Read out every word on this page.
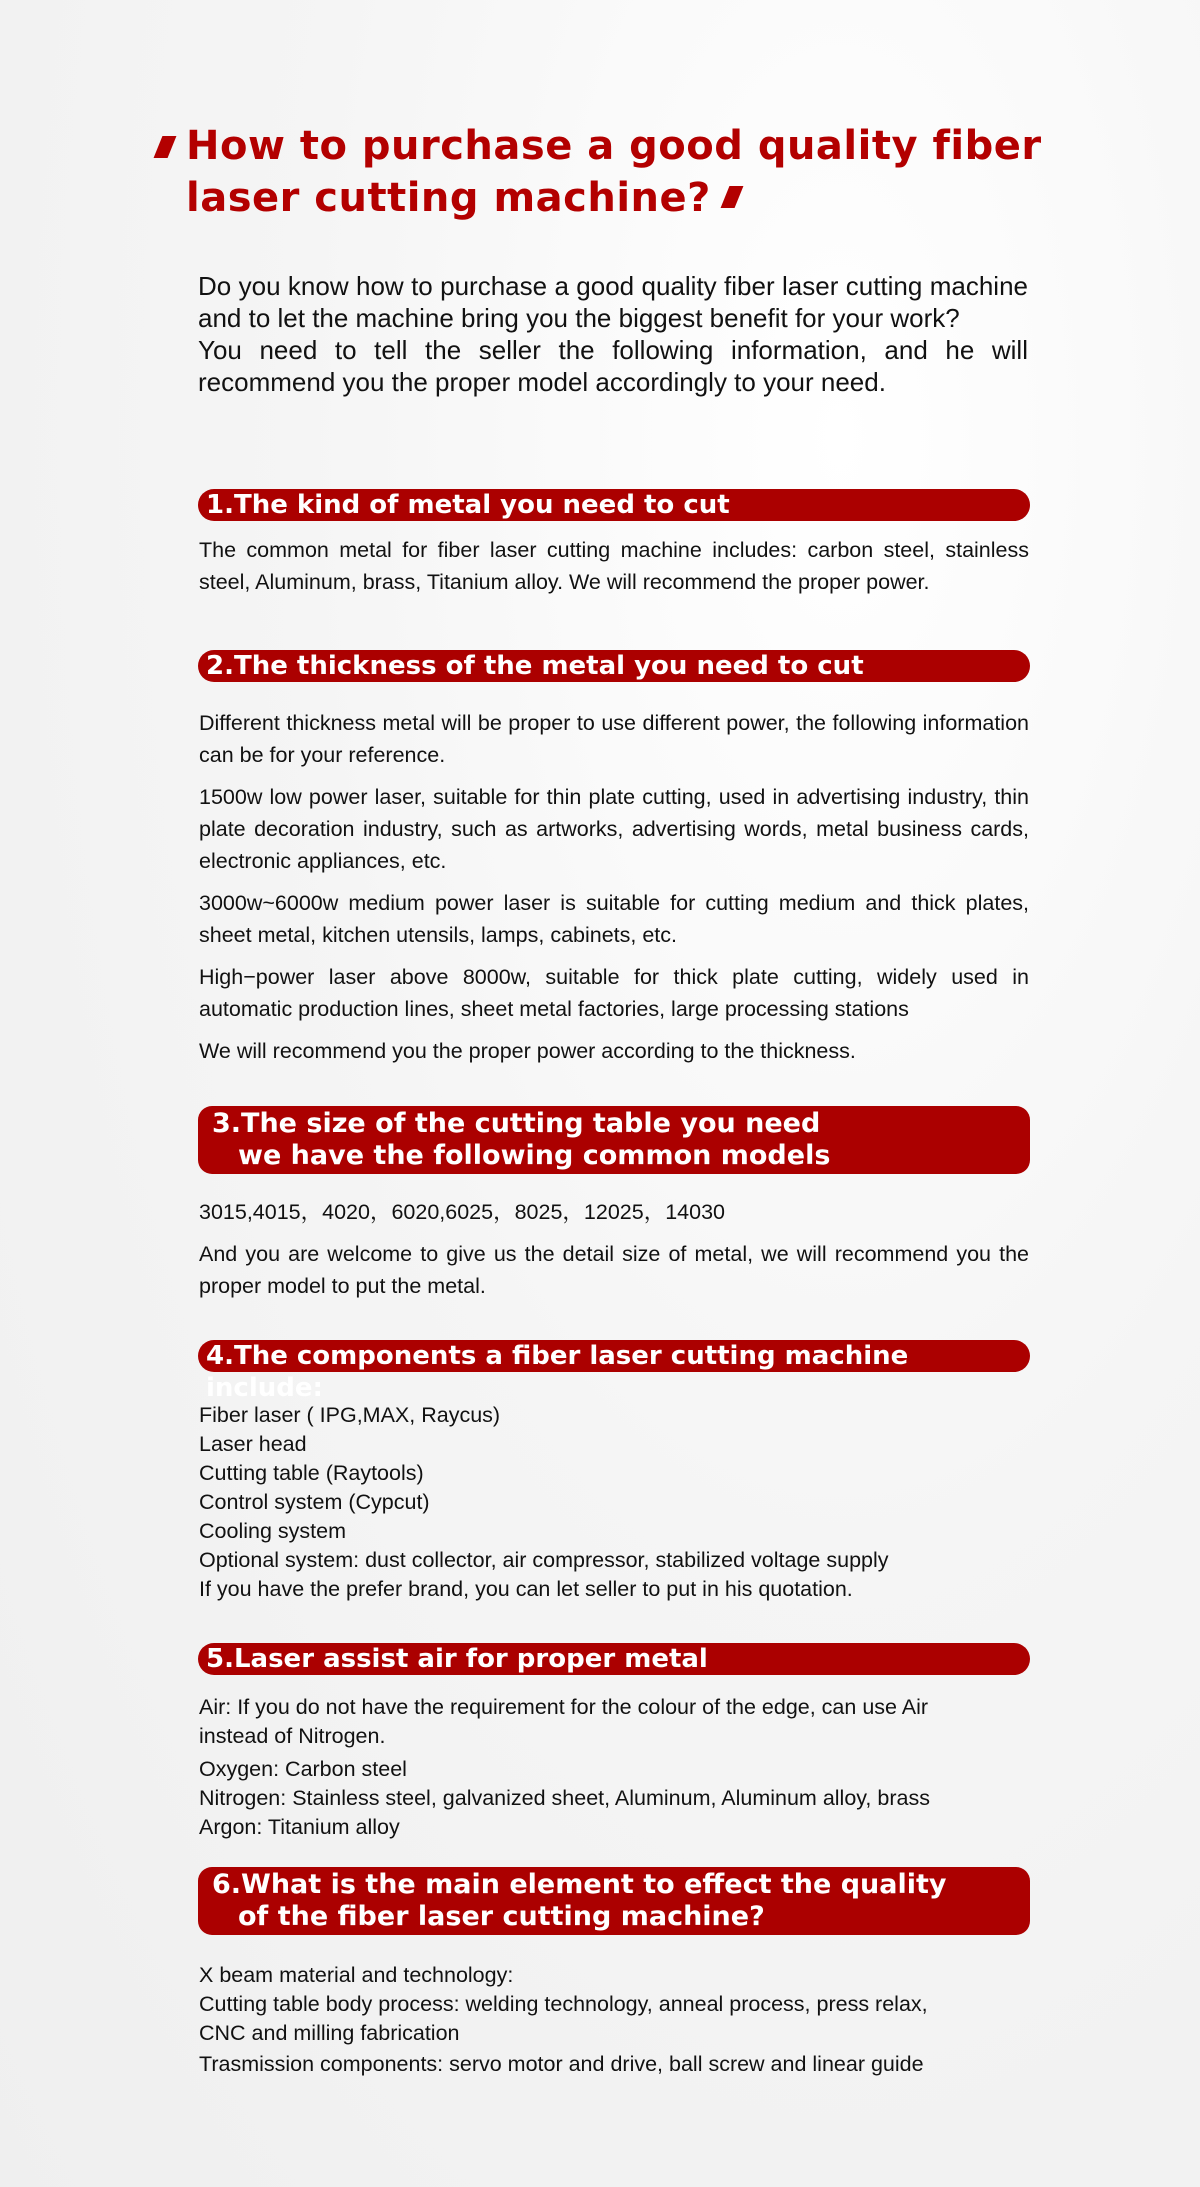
How to purchase a good quality fiber
laser cutting machine?

Do you know how to purchase a good quality fiber laser cutting machine and to let the machine bring you the biggest benefit for your work?

You need to tell the seller the following information, and he will recommend you the proper model accordingly to your need.

1.The kind of metal you need to cut

The common metal for fiber laser cutting machine includes: carbon steel, stainless steel, Aluminum, brass, Titanium alloy. We will recommend the proper power.

2.The thickness of the metal you need to cut

Different thickness metal will be proper to use different power, the following information can be for your reference.

1500w low power laser, suitable for thin plate cutting, used in advertising industry, thin plate decoration industry, such as artworks, advertising words, metal business cards, electronic appliances, etc.

3000w~6000w medium power laser is suitable for cutting medium and thick plates, sheet metal, kitchen utensils, lamps, cabinets, etc.

High−power laser above 8000w, suitable for thick plate cutting, widely used in automatic production lines, sheet metal factories, large processing stations

We will recommend you the proper power according to the thickness.

3.The size of the cutting table you need
we have the following common models

3015,4015，4020，6020,6025，8025，12025，14030

And you are welcome to give us the detail size of metal, we will recommend you the proper model to put the metal.

4.The components a fiber laser cutting machine include:

Fiber laser ( IPG,MAX, Raycus)

Laser head

Cutting table (Raytools)

Control system (Cypcut)

Cooling system

Optional system: dust collector, air compressor, stabilized voltage supply

If you have the prefer brand, you can let seller to put in his quotation.

5.Laser assist air for proper metal

Air: If you do not have the requirement for the colour of the edge, can use Air

instead of Nitrogen.

Oxygen: Carbon steel

Nitrogen: Stainless steel, galvanized sheet, Aluminum, Aluminum alloy, brass

Argon: Titanium alloy

6.What is the main element to effect the quality
of the fiber laser cutting machine?

X beam material and technology:

Cutting table body process: welding technology, anneal process, press relax,

CNC and milling fabrication

Trasmission components: servo motor and drive, ball screw and linear guide
